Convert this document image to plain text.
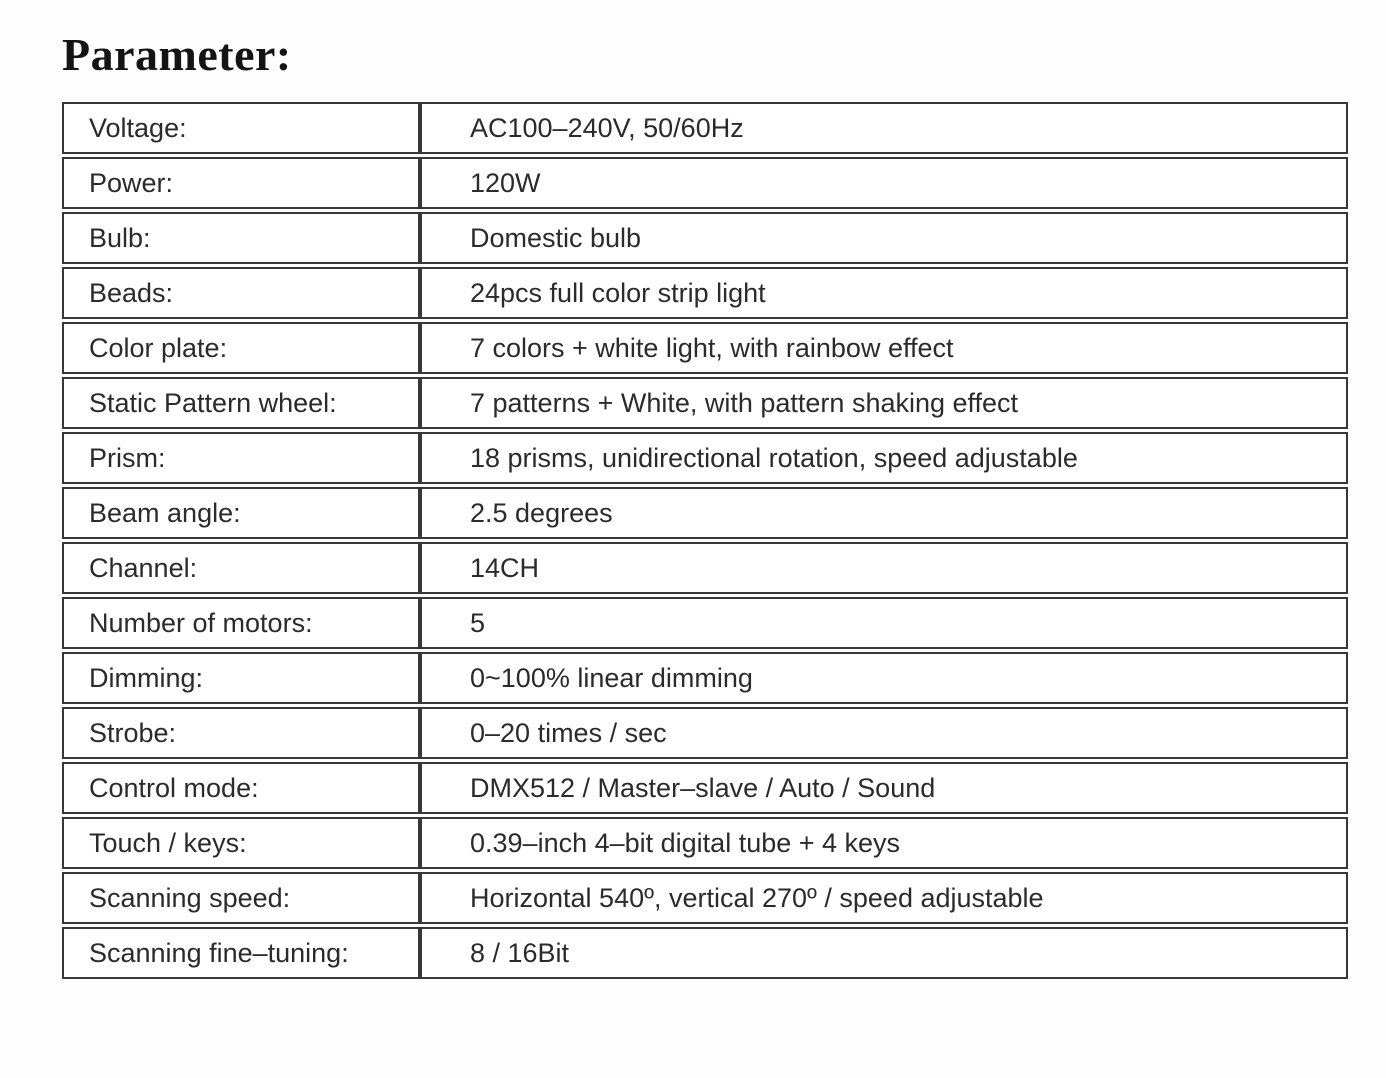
Parameter:
Voltage:	AC100–240V, 50/60Hz
Power:	120W
Bulb:	Domestic bulb
Beads:	24pcs full color strip light
Color plate:	7 colors + white light, with rainbow effect
Static Pattern wheel:	7 patterns + White, with pattern shaking effect
Prism:	18 prisms, unidirectional rotation, speed adjustable
Beam angle:	2.5 degrees
Channel:	14CH
Number of motors:	5
Dimming:	0~100% linear dimming
Strobe:	0–20 times / sec
Control mode:	DMX512 / Master–slave / Auto / Sound
Touch / keys:	0.39–inch 4–bit digital tube + 4 keys
Scanning speed:	Horizontal 540º, vertical 270º / speed adjustable
Scanning fine–tuning:	8 / 16Bit
